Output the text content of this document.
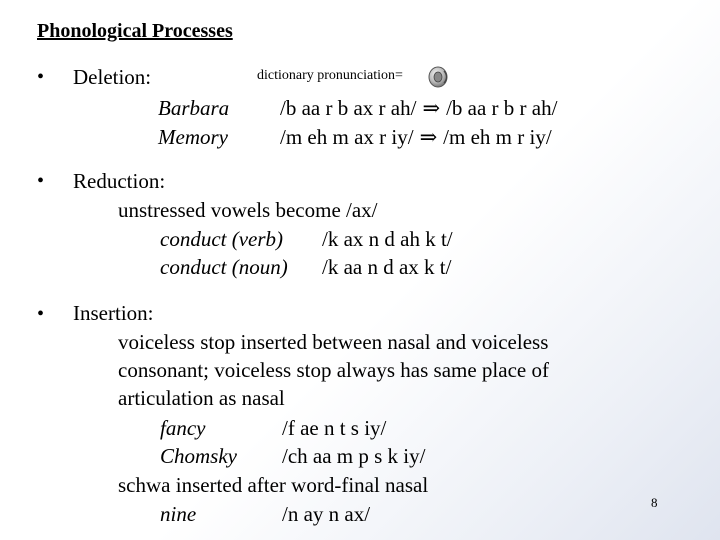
Phonological Processes
• Deletion:	dictionary pronunciation=
Barbara /b aa r b ax r ah/ ⇒ /b aa r b r ah/
Memory /m eh m ax r iy/ ⇒ /m eh m r iy/
• Reduction:
unstressed vowels become /ax/
conduct (verb) /k ax n d ah k t/
conduct (noun) /k aa n d ax k t/
• Insertion:
voiceless stop inserted between nasal and voiceless
consonant; voiceless stop always has same place of
articulation as nasal
fancy	/f ae n t s iy/
Chomsky /ch aa m p s k iy/
schwa inserted after word-final nasal
nine	/n ay n ax/	8
